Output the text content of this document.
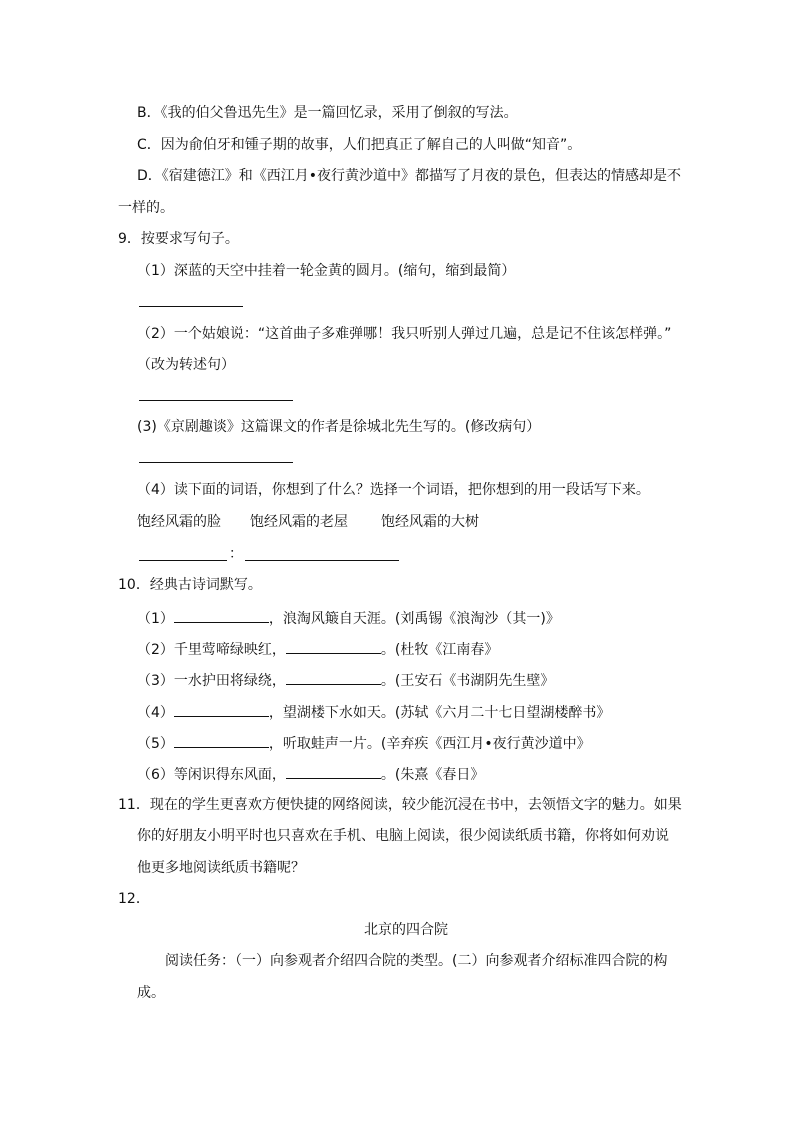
B．《我的伯父鲁迅先生》是一篇回忆录，采用了倒叙的写法。
C．因为俞伯牙和锺子期的故事，人们把真正了解自己的人叫做“知音”。
D．《宿建德江》和《西江月•夜行黄沙道中》都描写了月夜的景色，但表达的情感却是不
一样的。
9．按要求写句子。
（1）深蓝的天空中挂着一轮金黄的圆月。(缩句，缩到最简）
（2）一个姑娘说：“这首曲子多难弹哪！我只听别人弹过几遍，总是记不住该怎样弹。”
（改为转述句）
(3)《京剧趣谈》这篇课文的作者是徐城北先生写的。(修改病句）
（4）读下面的词语，你想到了什么？选择一个词语，把你想到的用一段话写下来。
饱经风霜的脸 饱经风霜的老屋 饱经风霜的大树
：
10．经典古诗词默写。
（1）	，浪淘风簸自天涯。(刘禹锡《浪淘沙（其一)》
（2）千里莺啼绿映红，	。(杜牧《江南春》
（3）一水护田将绿绕，	。(王安石《书湖阴先生壁》
（4）	，望湖楼下水如天。(苏轼《六月二十七日望湖楼醉书》
（5）	，听取蛙声一片。(辛弃疾《西江月•夜行黄沙道中》
（6）等闲识得东风面，	。(朱熹《春日》
11．现在的学生更喜欢方便快捷的网络阅读，较少能沉浸在书中，去领悟文字的魅力。如果
你的好朋友小明平时也只喜欢在手机、电脑上阅读，很少阅读纸质书籍，你将如何劝说
他更多地阅读纸质书籍呢？
12．
北京的四合院
阅读任务：（一）向参观者介绍四合院的类型。(二）向参观者介绍标准四合院的构
成。
